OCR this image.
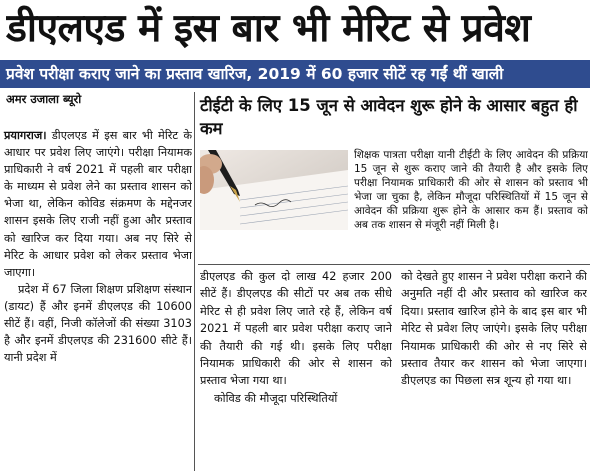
डीएलएड में इस बार भी मेरिट से प्रवेश
प्रवेश परीक्षा कराए जाने का प्रस्ताव खारिज, 2019 में 60 हजार सीटें रह गईं थीं खाली
अमर उजाला ब्यूरो

प्रयागराज। डीएलएड में इस बार भी मेरिट के आधार पर प्रवेश लिए जाएंगे। परीक्षा नियामक प्राधिकारी ने वर्ष 2021 में पहली बार परीक्षा के माध्यम से प्रवेश लेने का प्रस्ताव शासन को भेजा था, लेकिन कोविड संक्रमण के मद्देनजर शासन इसके लिए राजी नहीं हुआ और प्रस्ताव को खारिज कर दिया गया। अब नए सिरे से मेरिट के आधार प्रवेश को लेकर प्रस्ताव भेजा जाएगा।

प्रदेश में 67 जिला शिक्षण प्रशिक्षण संस्थान (डायट) हैं और इनमें डीएलएड की 10600 सीटें हैं। वहीं, निजी कॉलेजों की संख्या 3103 है और इनमें डीएलएड की 231600 सीटे हैं। यानी प्रदेश में

टीईटी के लिए 15 जून से आवेदन शुरू होने के आसार बहुत ही कम

शिक्षक पात्रता परीक्षा यानी टीईटी के लिए आवेदन की प्रक्रिया 15 जून से शुरू कराए जाने की तैयारी है और इसके लिए परीक्षा नियामक प्राधिकारी की ओर से शासन को प्रस्ताव भी भेजा जा चुका है, लेकिन मौजूदा परिस्थितियों में 15 जून से आवेदन की प्रक्रिया शुरू होने के आसार कम हैं। प्रस्ताव को अब तक शासन से मंजूरी नहीं मिली है।

डीएलएड की कुल दो लाख 42 हजार 200 सीटें हैं। डीएलएड की सीटों पर अब तक सीधे मेरिट से ही प्रवेश लिए जाते रहे हैं, लेकिन वर्ष 2021 में पहली बार प्रवेश परीक्षा कराए जाने की तैयारी की गई थी। इसके लिए परीक्षा नियामक प्राधिकारी की ओर से शासन को प्रस्ताव भेजा गया था।

कोविड की मौजूदा परिस्थितियों

को देखते हुए शासन ने प्रवेश परीक्षा कराने की अनुमति नहीं दी और प्रस्ताव को खारिज कर दिया। प्रस्ताव खारिज होने के बाद इस बार भी मेरिट से प्रवेश लिए जाएंगे। इसके लिए परीक्षा नियामक प्राधिकारी की ओर से नए सिरे से प्रस्ताव तैयार कर शासन को भेजा जाएगा। डीएलएड का पिछला सत्र शून्य हो गया था।
